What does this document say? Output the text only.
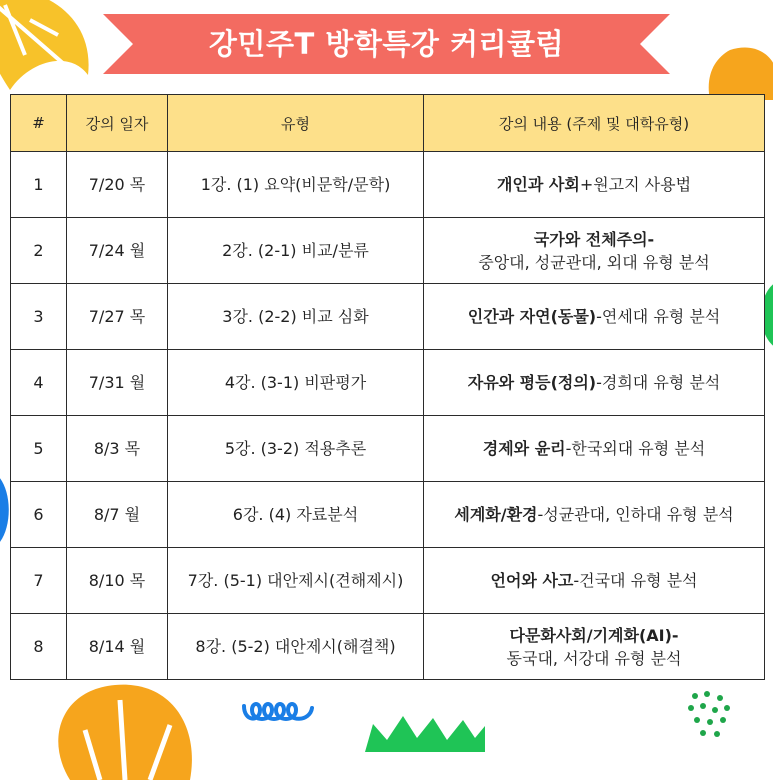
강민주T 방학특강 커리큘럼
#	강의 일자	유형	강의 내용 (주제 및 대학유형)
1	7/20 목	1강. (1) 요약(비문학/문학)	개인과 사회+원고지 사용법
2	7/24 월	2강. (2-1) 비교/분류	국가와 전체주의-
중앙대, 성균관대, 외대 유형 분석

3	7/27 목	3강. (2-2) 비교 심화	인간과 자연(동물)-연세대 유형 분석
4	7/31 월	4강. (3-1) 비판평가	자유와 평등(정의)-경희대 유형 분석
5	8/3 목	5강. (3-2) 적용추론	경제와 윤리-한국외대 유형 분석
6	8/7 월	6강. (4) 자료분석	세계화/환경-성균관대, 인하대 유형 분석
7	8/10 목	7강. (5-1) 대안제시(견해제시)	언어와 사고-건국대 유형 분석
8	8/14 월	8강. (5-2) 대안제시(해결책)	다문화사회/기계화(AI)-
동국대, 서강대 유형 분석
